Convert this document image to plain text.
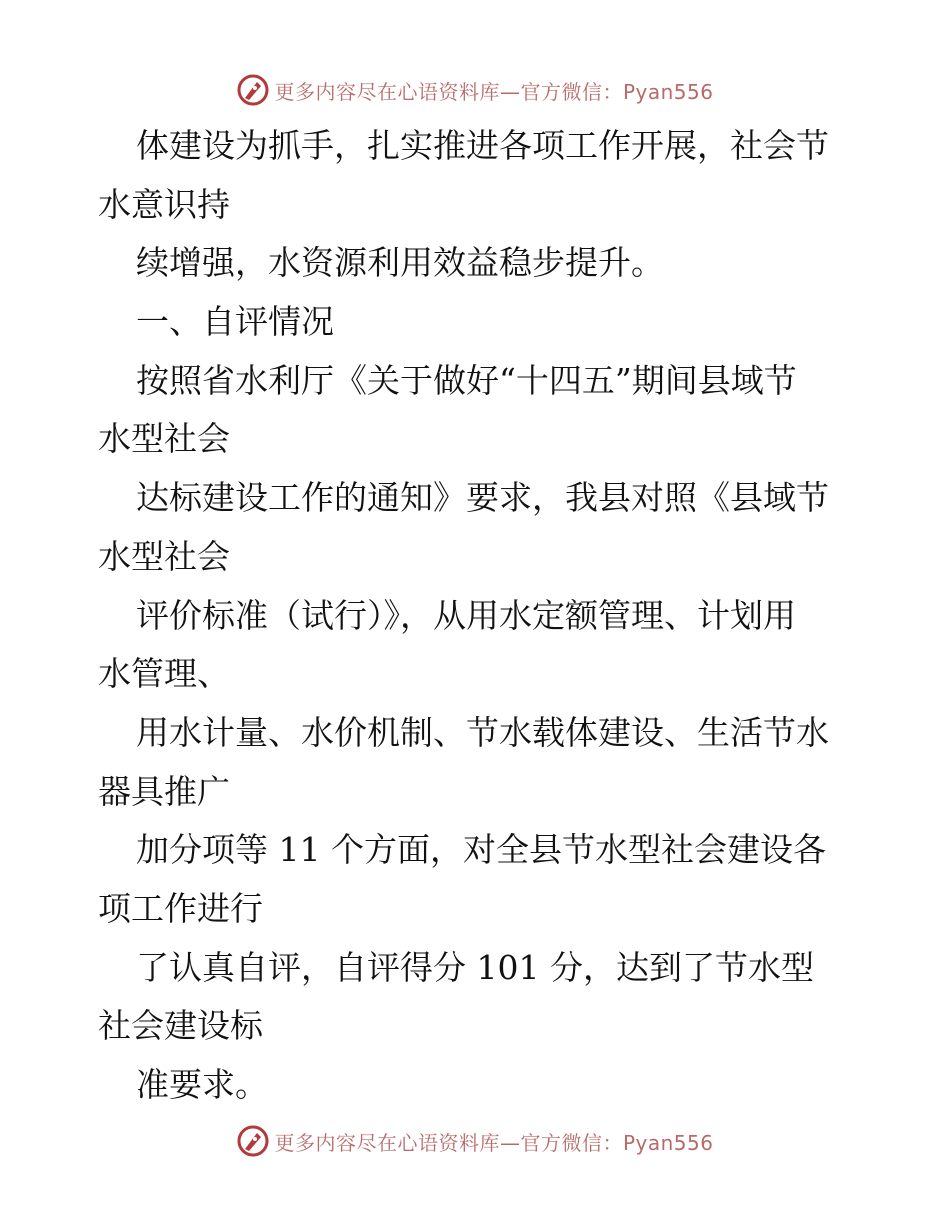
更多内容尽在心语资料库—官方微信：Pyan556
体建设为抓手，扎实推进各项工作开展，社会节
水意识持
续增强，水资源利用效益稳步提升。
一、自评情况
按照省水利厅《关于做好“十四五”期间县域节
水型社会
达标建设工作的通知》要求，我县对照《县域节
水型社会
评价标准（试行）》，从用水定额管理、计划用
水管理、
用水计量、水价机制、节水载体建设、生活节水
器具推广
加分项等 11 个方面，对全县节水型社会建设各
项工作进行
了认真自评，自评得分 101 分，达到了节水型
社会建设标
准要求。
更多内容尽在心语资料库—官方微信：Pyan556
